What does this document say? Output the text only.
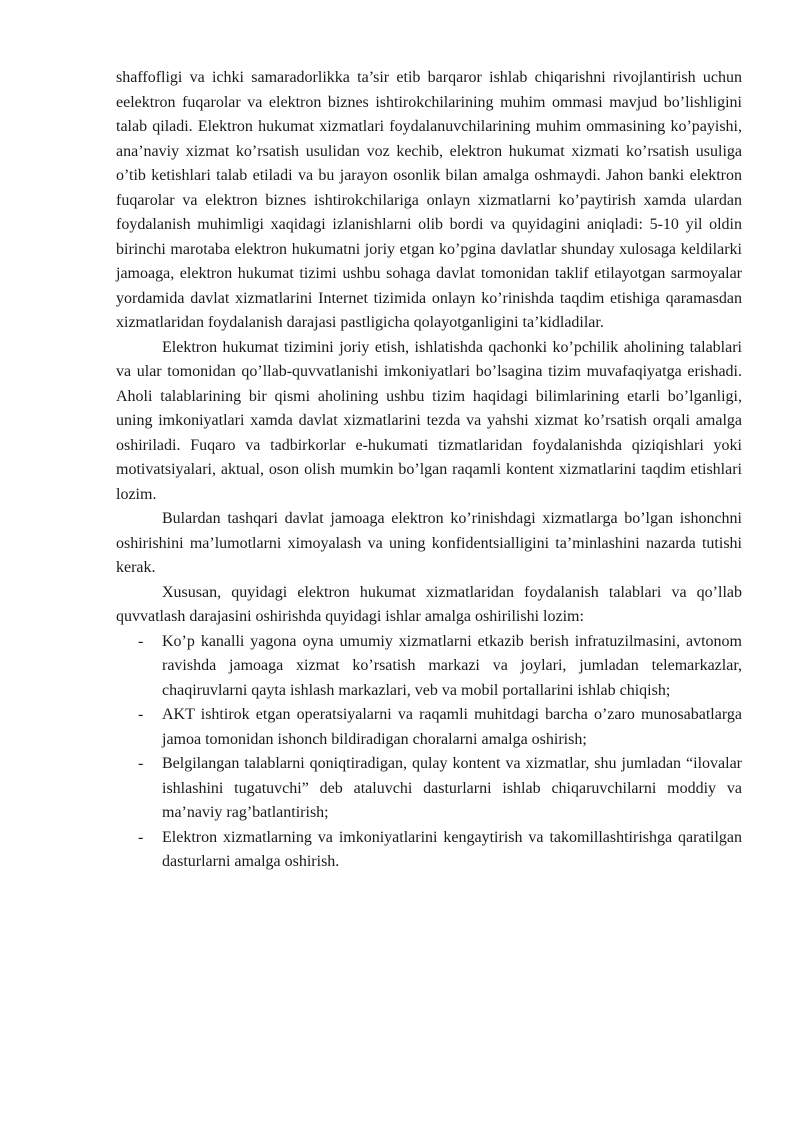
shaffofligi va ichki samaradorlikka ta’sir etib barqaror ishlab chiqarishni rivojlantirish uchun eelektron fuqarolar va elektron biznes ishtirokchilarining muhim ommasi mavjud bo’lishligini talab qiladi. Elektron hukumat xizmatlari foydalanuvchilarining muhim ommasining ko’payishi, ana’naviy xizmat ko’rsatish usulidan voz kechib, elektron hukumat xizmati ko’rsatish usuliga o’tib ketishlari talab etiladi va bu jarayon osonlik bilan amalga oshmaydi. Jahon banki elektron fuqarolar va elektron biznes ishtirokchilariga onlayn xizmatlarni ko’paytirish xamda ulardan foydalanish muhimligi xaqidagi izlanishlarni olib bordi va quyidagini aniqladi: 5-10 yil oldin birinchi marotaba elektron hukumatni joriy etgan ko’pgina davlatlar shunday xulosaga keldilarki jamoaga, elektron hukumat tizimi ushbu sohaga davlat tomonidan taklif etilayotgan sarmoyalar yordamida davlat xizmatlarini Internet tizimida onlayn ko’rinishda taqdim etishiga qaramasdan xizmatlaridan foydalanish darajasi pastligicha qolayotganligini ta’kidladilar.

Elektron hukumat tizimini joriy etish, ishlatishda qachonki ko’pchilik aholining talablari va ular tomonidan qo’llab-quvvatlanishi imkoniyatlari bo’lsagina tizim muvafaqiyatga erishadi. Aholi talablarining bir qismi aholining ushbu tizim haqidagi bilimlarining etarli bo’lganligi, uning imkoniyatlari xamda davlat xizmatlarini tezda va yahshi xizmat ko’rsatish orqali amalga oshiriladi. Fuqaro va tadbirkorlar e-hukumati tizmatlaridan foydalanishda qiziqishlari yoki motivatsiyalari, aktual, oson olish mumkin bo’lgan raqamli kontent xizmatlarini taqdim etishlari lozim.

Bulardan tashqari davlat jamoaga elektron ko’rinishdagi xizmatlarga bo’lgan ishonchni oshirishini ma’lumotlarni ximoyalash va uning konfidentsialligini ta’minlashini nazarda tutishi kerak.

Xususan, quyidagi elektron hukumat xizmatlaridan foydalanish talablari va qo’llab quvvatlash darajasini oshirishda quyidagi ishlar amalga oshirilishi lozim:

- Ko’p kanalli yagona oyna umumiy xizmatlarni etkazib berish infratuzilmasini, avtonom ravishda jamoaga xizmat ko’rsatish markazi va joylari, jumladan telemarkazlar, chaqiruvlarni qayta ishlash markazlari, veb va mobil portallarini ishlab chiqish;
- AKT ishtirok etgan operatsiyalarni va raqamli muhitdagi barcha o’zaro munosabatlarga jamoa tomonidan ishonch bildiradigan choralarni amalga oshirish;
- Belgilangan talablarni qoniqtiradigan, qulay kontent va xizmatlar, shu jumladan “ilovalar ishlashini tugatuvchi” deb ataluvchi dasturlarni ishlab chiqaruvchilarni moddiy va ma’naviy rag’batlantirish;
- Elektron xizmatlarning va imkoniyatlarini kengaytirish va takomillashtirishga qaratilgan dasturlarni amalga oshirish.
